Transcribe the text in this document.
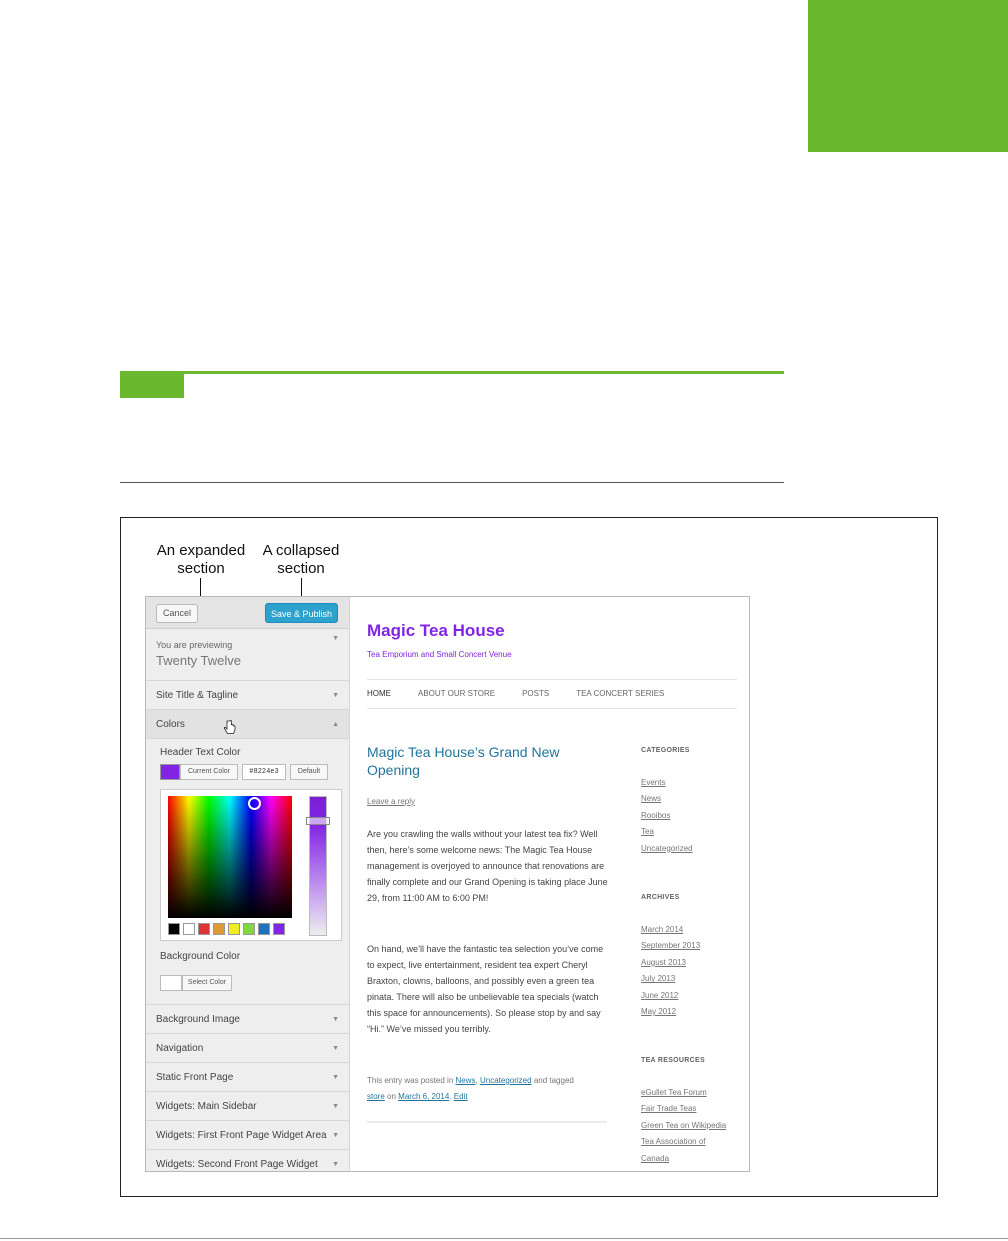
An expanded section
A collapsed section
Cancel	Save & Publish
You are previewing
Twenty Twelve
▼
Site Title & Tagline	▼
Colors	▲
Header Text Color
Current Color	#8224e3	Default
Background Color
Select Color
Background Image	▼
Navigation	▼
Static Front Page	▼
Widgets: Main Sidebar	▼
Widgets: First Front Page Widget Area ▼
Widgets: Second Front Page Widget ▼
Magic Tea House
Tea Emporium and Small Concert Venue
HOME	ABOUT OUR STORE	POSTS	TEA CONCERT SERIES
Magic Tea House’s Grand New Opening
Leave a reply
Are you crawling the walls without your latest tea fix? Well then, here’s some welcome news: The Magic Tea House management is overjoyed to announce that renovations are finally complete and our Grand Opening is taking place June 29, from 11:00 AM to 6:00 PM!
On hand, we’ll have the fantastic tea selection you’ve come to expect, live entertainment, resident tea expert Cheryl Braxton, clowns, balloons, and possibly even a green tea pinata. There will also be unbelievable tea specials (watch this space for announcements). So please stop by and say “Hi.” We’ve missed you terribly.
This entry was posted in News, Uncategorized and tagged
store on March 6, 2014. Edit
CATEGORIES
Events
News
Rooibos
Tea
Uncategorized
ARCHIVES
March 2014
September 2013
August 2013
July 2013
June 2012
May 2012
TEA RESOURCES
eGullet Tea Forum
Fair Trade Teas
Green Tea on Wikipedia
Tea Association of
Canada
